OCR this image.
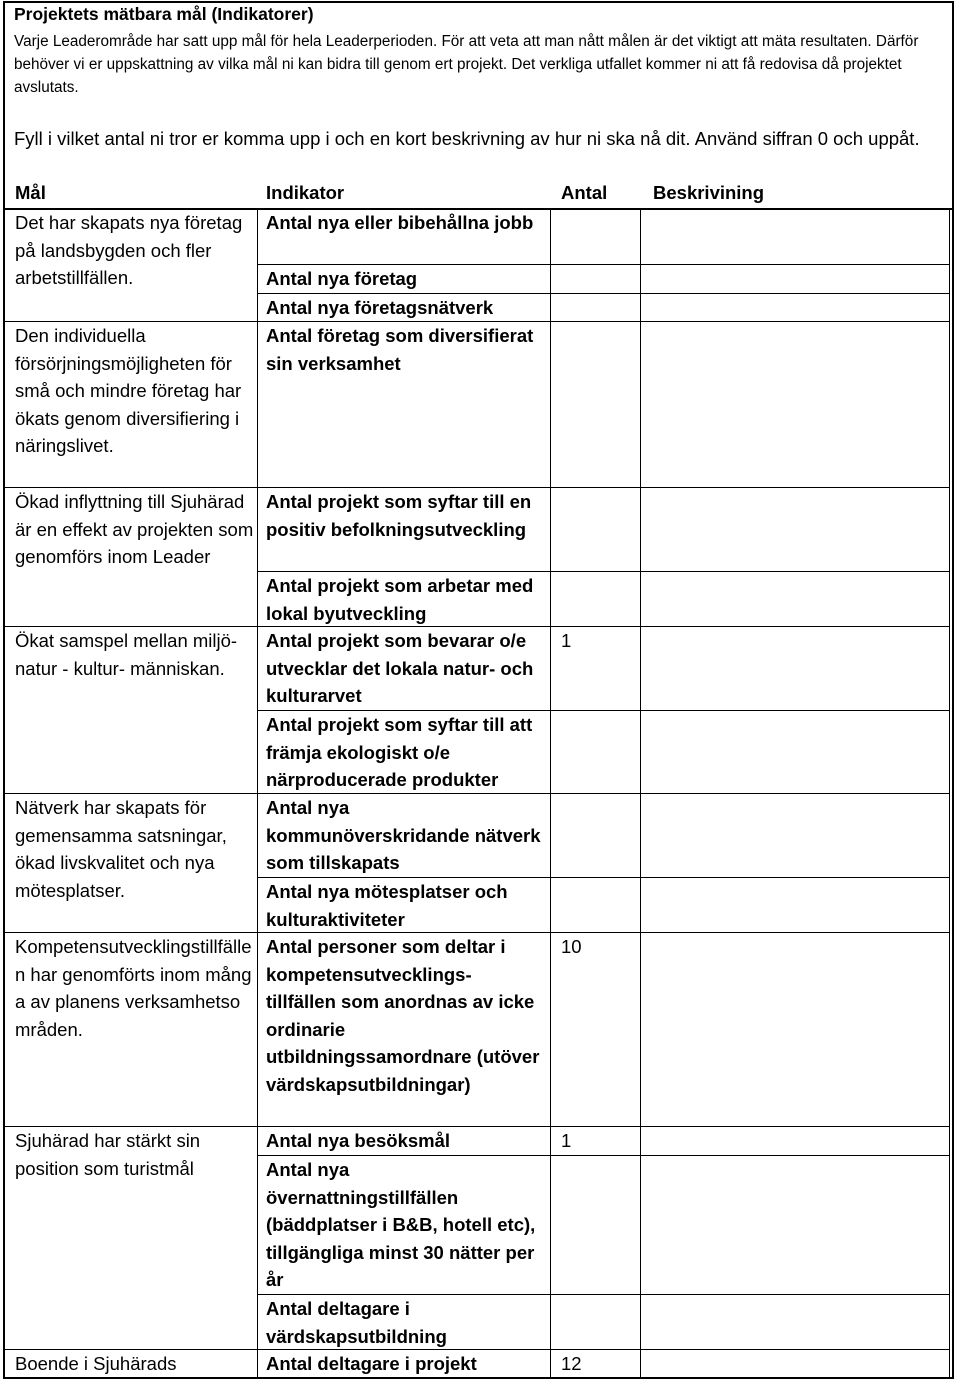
Projektets mätbara mål (Indikatorer)
Varje Leaderområde har satt upp mål för hela Leaderperioden. För att veta att man nått målen är det viktigt att mäta resultaten. Därför behöver vi er uppskattning av vilka mål ni kan bidra till genom ert projekt. Det verkliga utfallet kommer ni att få redovisa då projektet avslutats.
Fyll i vilket antal ni tror er komma upp i och en kort beskrivning av hur ni ska nå dit. Använd siffran 0 och uppåt.
Mål	Indikator	Antal Beskrivining
Det har skapats nya företag på landsbygden och fler arbetstillfällen.
Den individuella försörjningsmöjligheten för små och mindre företag har ökats genom diversifiering i näringslivet.
Ökad inflyttning till Sjuhärad är en effekt av projekten som genomförs inom Leader
Ökat samspel mellan miljö- natur - kultur- människan.
Nätverk har skapats för gemensamma satsningar, ökad livskvalitet och nya mötesplatser.
Kompetensutvecklingstillfällen har genomförts inom många av planens verksamhetsområden.
Sjuhärad har stärkt sin position som turistmål
Boende i Sjuhärads
Antal nya eller bibehållna jobb
Antal nya företag
Antal nya företagsnätverk
Antal företag som diversifierat sin verksamhet
Antal projekt som syftar till en positiv befolkningsutveckling
Antal projekt som arbetar med lokal byutveckling
Antal projekt som bevarar o/e utvecklar det lokala natur- och kulturarvet
Antal projekt som syftar till att främja ekologiskt o/e närproducerade produkter
Antal nya kommunöverskridande nätverk som tillskapats
Antal nya mötesplatser och kulturaktiviteter
Antal personer som deltar i kompetensutvecklings-tillfällen som anordnas av icke ordinarie utbildningssamordnare (utöver värdskapsutbildningar)
Antal nya besöksmål
Antal nya övernattningstillfällen (bäddplatser i B&B, hotell etc), tillgängliga minst 30 nätter per år
Antal deltagare i värdskapsutbildning
Antal deltagare i projekt
1
10
1
12
